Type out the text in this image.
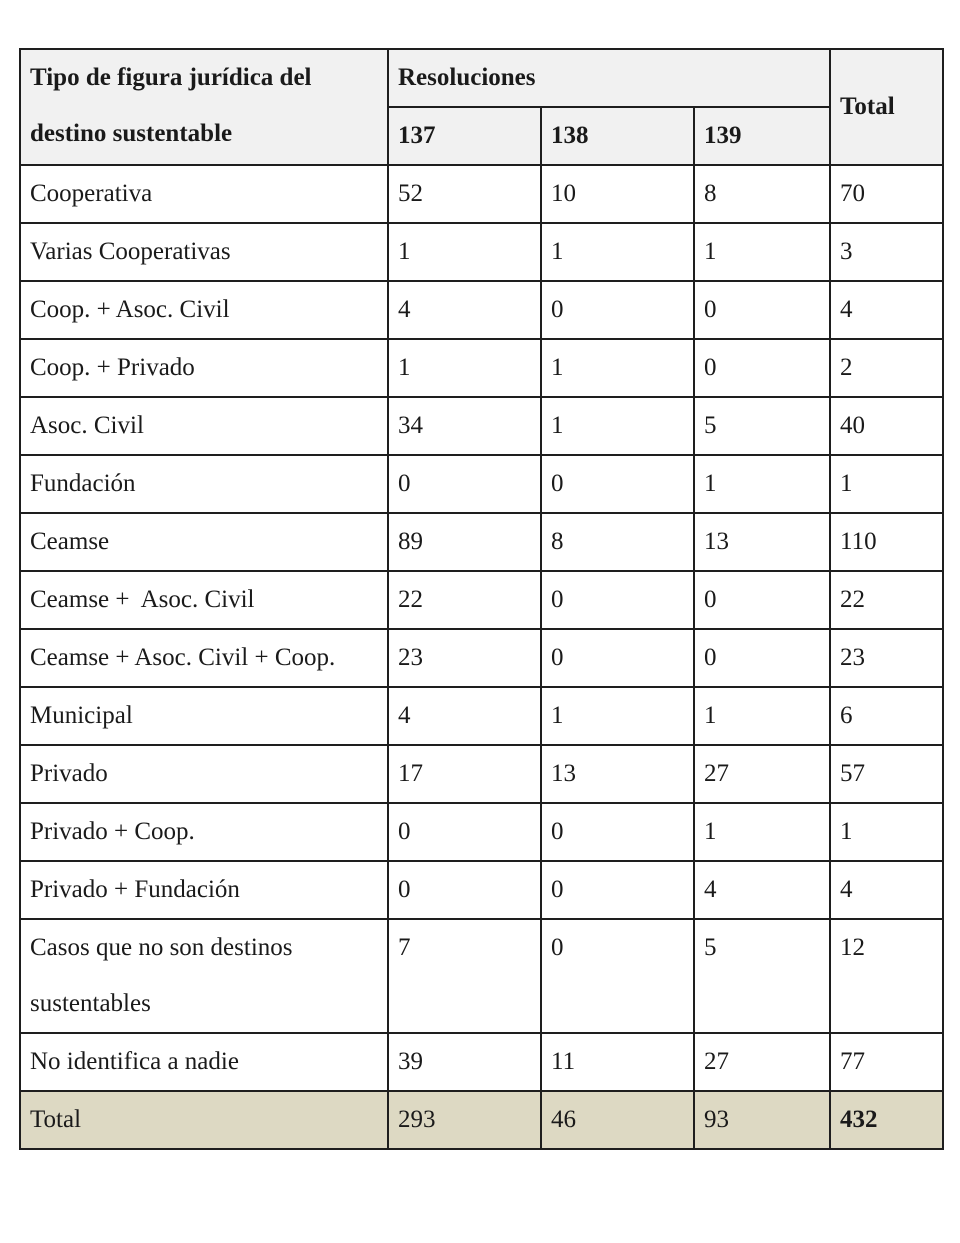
Tipo de figura jurídica del destino sustentable	Resoluciones			Total
	137	138	139	
Cooperativa	52	10	8	70
Varias Cooperativas	1	1	1	3
Coop. + Asoc. Civil	4	0	0	4
Coop. + Privado	1	1	0	2
Asoc. Civil	34	1	5	40
Fundación	0	0	1	1
Ceamse	89	8	13	110
Ceamse +  Asoc. Civil	22	0	0	22
Ceamse + Asoc. Civil + Coop.	23	0	0	23
Municipal	4	1	1	6
Privado	17	13	27	57
Privado + Coop.	0	0	1	1
Privado + Fundación	0	0	4	4
Casos que no son destinos sustentables	7	0	5	12
No identifica a nadie	39	11	27	77
Total	293	46	93	432
